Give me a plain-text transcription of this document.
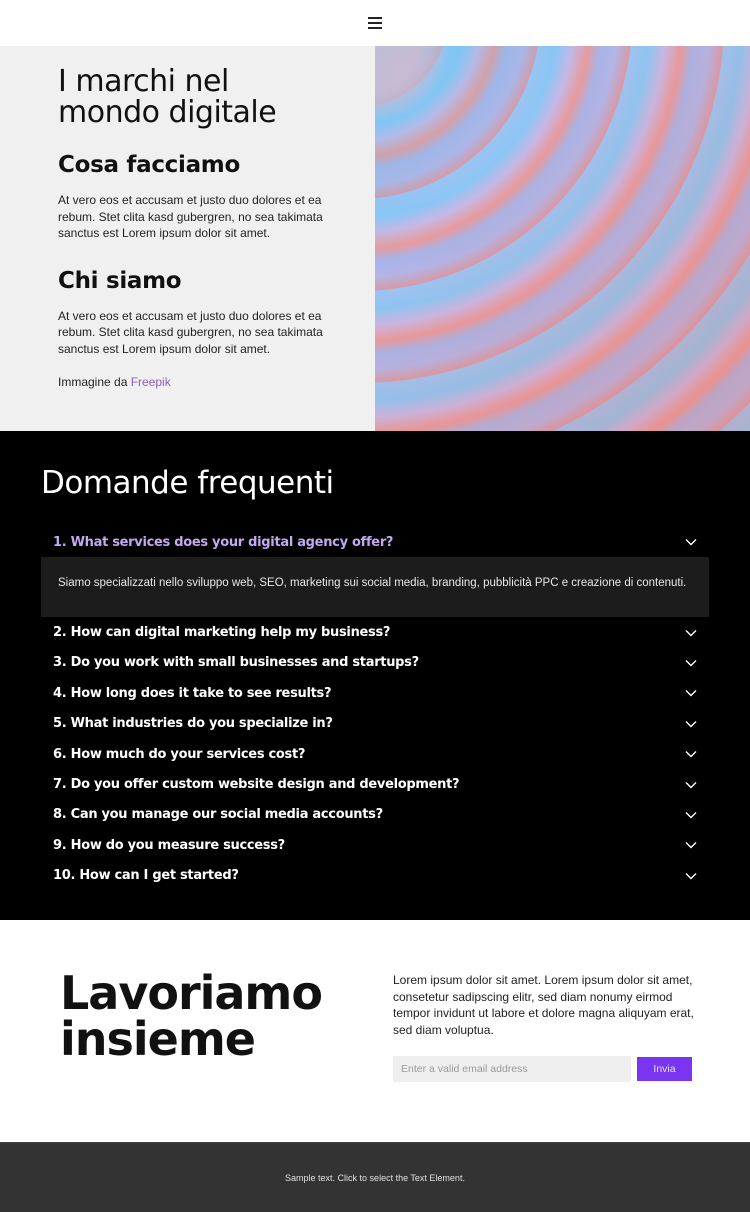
I marchi nel mondo digitale
Cosa facciamo

At vero eos et accusam et justo duo dolores et ea rebum. Stet clita kasd gubergren, no sea takimata sanctus est Lorem ipsum dolor sit amet.

Chi siamo

At vero eos et accusam et justo duo dolores et ea rebum. Stet clita kasd gubergren, no sea takimata sanctus est Lorem ipsum dolor sit amet.

Immagine da Freepik

Domande frequenti
1. What services does your digital agency offer?

Siamo specializzati nello sviluppo web, SEO, marketing sui social media, branding, pubblicità PPC e creazione di contenuti.

2. How can digital marketing help my business?
3. Do you work with small businesses and startups?
4. How long does it take to see results?
5. What industries do you specialize in?
6. How much do your services cost?
7. Do you offer custom website design and development?
8. Can you manage our social media accounts?
9. How do you measure success?
10. How can I get started?
Lavoriamo
insieme

Lorem ipsum dolor sit amet. Lorem ipsum dolor sit amet, consetetur sadipscing elitr, sed diam nonumy eirmod tempor invidunt ut labore et dolore magna aliquyam erat, sed diam voluptua.

Enter a valid email address
Invia

Sample text. Click to select the Text Element.
